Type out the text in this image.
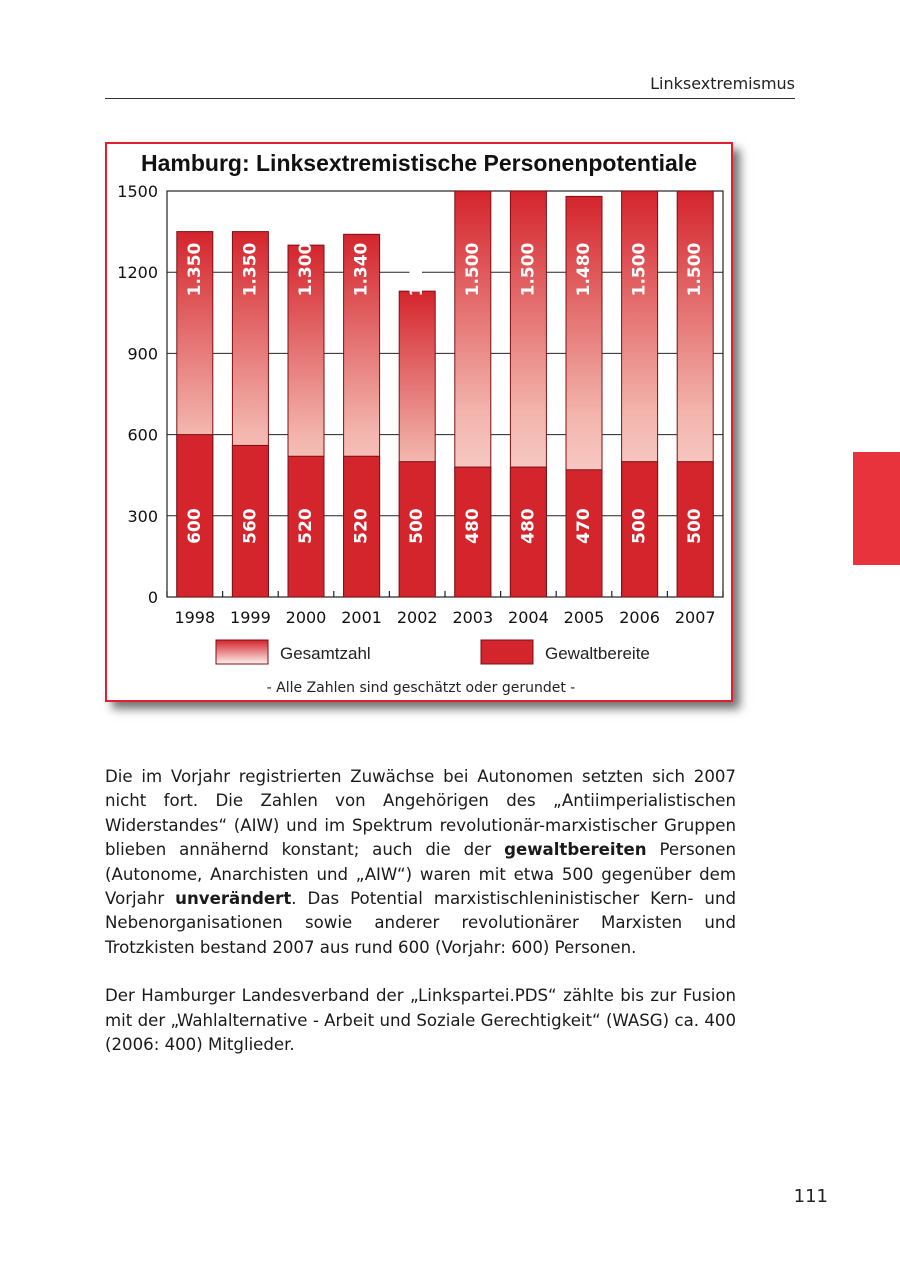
Linksextremismus
0
300
600
900
1200
1500
1.350
600
1998
1.350
560
1999
1.300
520
2000
1.340
520
2001
1.130
500
2002
1.500
480
2003
1.500
480
2004
1.480
470
2005
1.500
500
2006
1.500
500
2007
Gesamtzahl	Gewaltbereite
- Alle Zahlen sind geschätzt oder gerundet -
Hamburg: Linksextremistische Personenpotentiale

Die im Vorjahr registrierten Zuwächse bei Autonomen setzten sich 2007 nicht fort. Die Zahlen von Angehörigen des „Antiimperialistischen Widerstandes“ (AIW) und im Spektrum revolutionär-marxistischer Gruppen blieben annähernd konstant; auch die der gewaltbereiten Personen (Autonome, Anarchisten und „AIW“) waren mit etwa 500 gegenüber dem Vorjahr unverändert. Das Potential marxistischleninistischer Kern- und Nebenorganisationen sowie anderer revolutionärer Marxisten und Trotzkisten bestand 2007 aus rund 600 (Vorjahr: 600) Personen.

Der Hamburger Landesverband der „Linkspartei.PDS“ zählte bis zur Fusion mit der „Wahlalternative - Arbeit und Soziale Gerechtigkeit“ (WASG) ca. 400 (2006: 400) Mitglieder.

111
